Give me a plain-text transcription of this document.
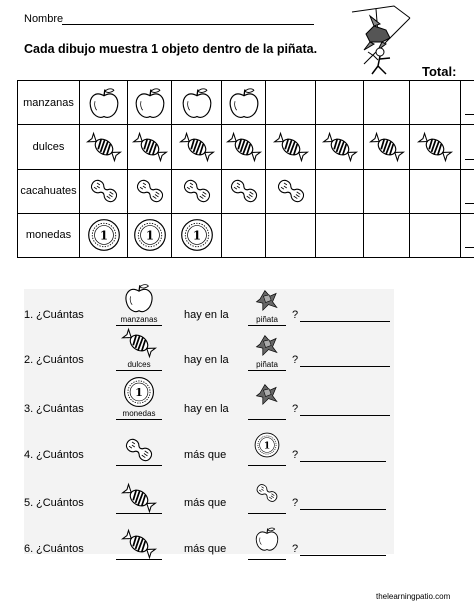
Nombre
Cada dibujo muestra 1 objeto dentro de la piñata.
Total:
manzanas	

dulces	

cacahuates	

monedas	

1. ¿Cuántas	manzanas	hay en la	piñata	?
2. ¿Cuántos	dulces	hay en la	piñata	?
3. ¿Cuántas	monedas	hay en la	?
4. ¿Cuántos	más que	?
5. ¿Cuántos	más que	?
6. ¿Cuántos	más que	?
thelearningpatio.com
